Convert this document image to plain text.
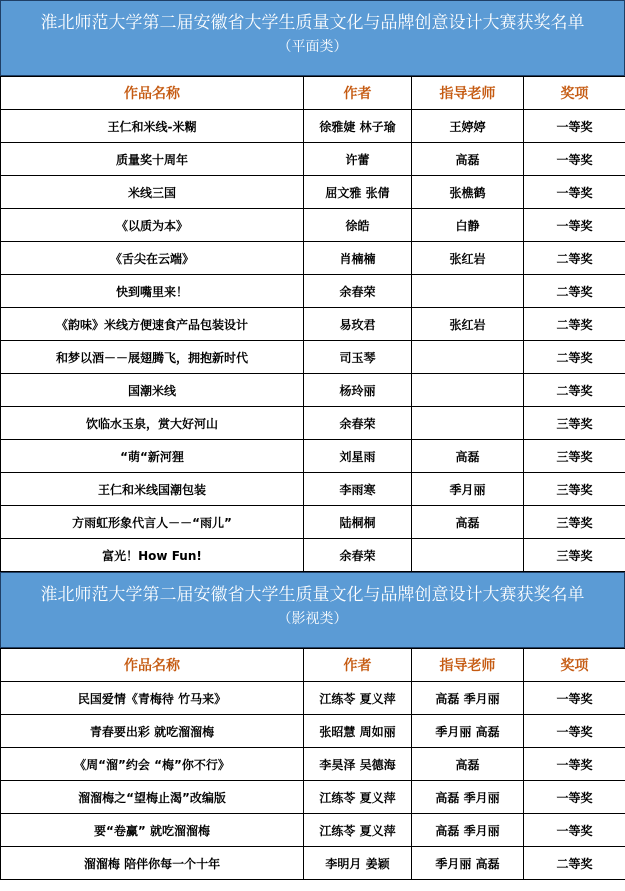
淮北师范大学第二届安徽省大学生质量文化与品牌创意设计大赛获奖名单
（平面类）
作品名称	作者	指导老师	奖项
王仁和米线-米糊	徐雅婕 林子瑜	王婷婷	一等奖
质量奖十周年	许蕾	高磊	一等奖
米线三国	屈文雅 张倩	张樵鹤	一等奖
《以质为本》	徐皓	白静	一等奖
《舌尖在云端》	肖楠楠	张红岩	二等奖
快到嘴里来！	余春荣		二等奖
《韵味》米线方便速食产品包装设计	易玫君	张红岩	二等奖
和梦以酒－－展翅腾飞，拥抱新时代	司玉琴		二等奖
国潮米线	杨玲丽		二等奖
饮临水玉泉，赏大好河山	余春荣		三等奖
“萌“新河狸	刘星雨	高磊	三等奖
王仁和米线国潮包装	李雨寒	季月丽	三等奖
方雨虹形象代言人－－“雨儿”	陆桐桐	高磊	三等奖
富光！How Fun!	余春荣		三等奖
淮北师范大学第二届安徽省大学生质量文化与品牌创意设计大赛获奖名单
（影视类）
作品名称	作者	指导老师	奖项
民国爱情《青梅待 竹马来》	江练苓 夏义萍	高磊 季月丽	一等奖
青春要出彩 就吃溜溜梅	张昭慧 周如丽	季月丽 高磊	一等奖
《周“溜”约会 “梅”你不行》	李昊泽 吴德海	高磊	一等奖
溜溜梅之“望梅止渴”改编版	江练苓 夏义萍	高磊 季月丽	一等奖
要“卷赢” 就吃溜溜梅	江练苓 夏义萍	高磊 季月丽	一等奖
溜溜梅 陪伴你每一个十年	李明月 姜颖	季月丽 高磊	二等奖
